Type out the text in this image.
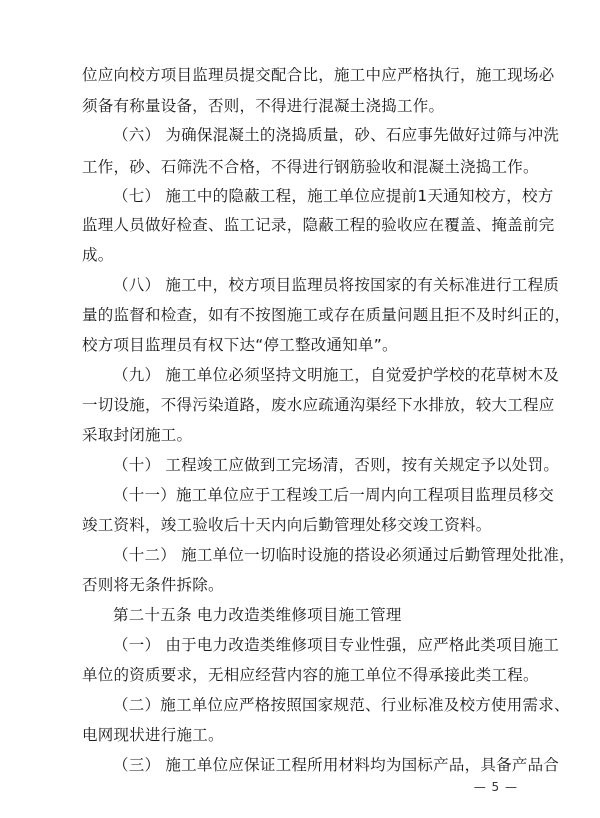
位应向校方项目监理员提交配合比，施工中应严格执行，施工现场必
须备有称量设备，否则，不得进行混凝土浇捣工作。
（六） 为确保混凝土的浇捣质量，砂、石应事先做好过筛与冲洗
工作，砂、石筛洗不合格，不得进行钢筋验收和混凝土浇捣工作。
（七） 施工中的隐蔽工程，施工单位应提前1天通知校方，校方
监理人员做好检查、监工记录，隐蔽工程的验收应在覆盖、掩盖前完
成。
（八） 施工中，校方项目监理员将按国家的有关标准进行工程质
量的监督和检查，如有不按图施工或存在质量问题且拒不及时纠正的，
校方项目监理员有权下达“停工整改通知单”。
（九） 施工单位必须坚持文明施工，自觉爱护学校的花草树木及
一切设施，不得污染道路，废水应疏通沟渠经下水排放，较大工程应
采取封闭施工。
（十） 工程竣工应做到工完场清，否则，按有关规定予以处罚。
（十一）施工单位应于工程竣工后一周内向工程项目监理员移交
竣工资料，竣工验收后十天内向后勤管理处移交竣工资料。
（十二） 施工单位一切临时设施的搭设必须通过后勤管理处批准，
否则将无条件拆除。
第二十五条 电力改造类维修项目施工管理
（一） 由于电力改造类维修项目专业性强，应严格此类项目施工
单位的资质要求，无相应经营内容的施工单位不得承接此类工程。
（二）施工单位应严格按照国家规范、行业标准及校方使用需求、
电网现状进行施工。
（三） 施工单位应保证工程所用材料均为国标产品，具备产品合
— 5 —
